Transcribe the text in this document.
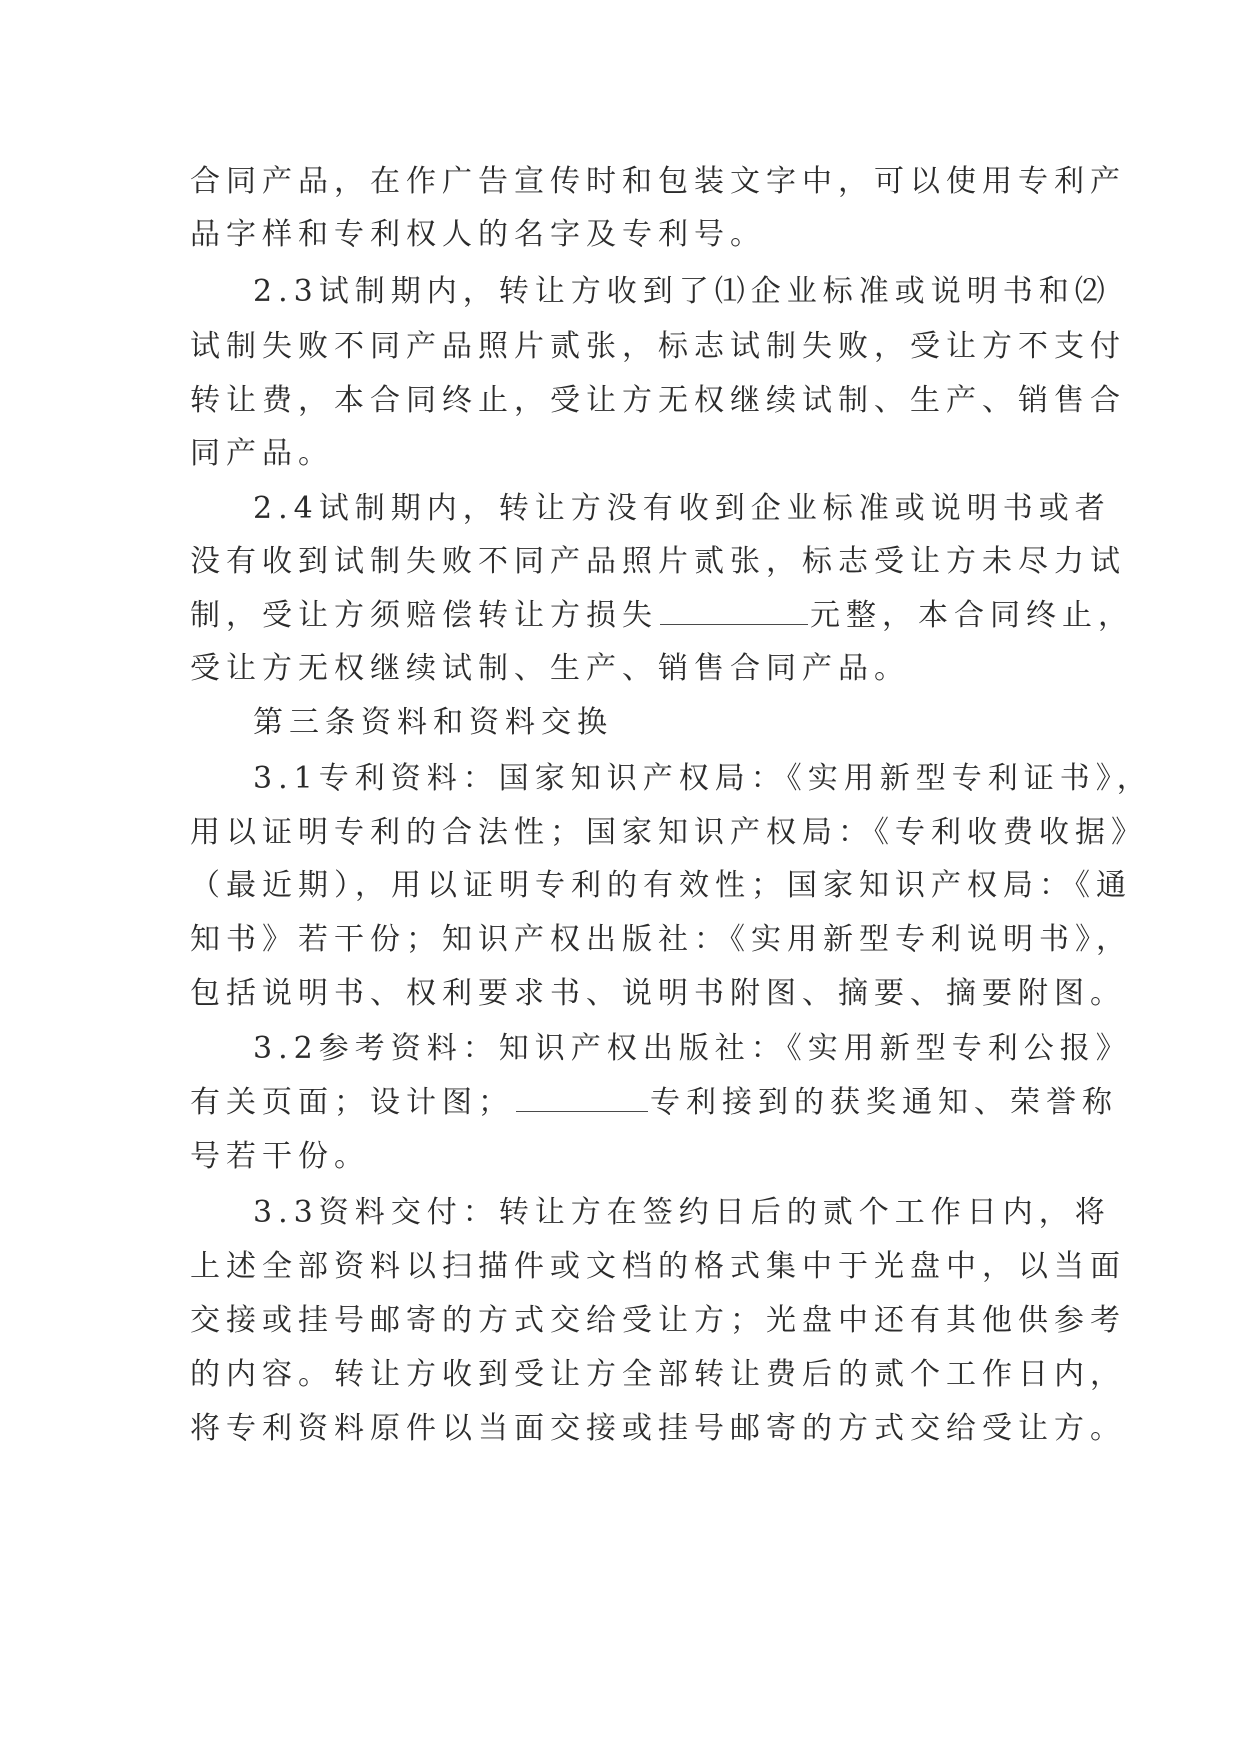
合同产品，在作广告宣传时和包装文字中，可以使用专利产
品字样和专利权人的名字及专利号。
2.3试制期内，转让方收到了⑴企业标准或说明书和⑵
试制失败不同产品照片贰张，标志试制失败，受让方不支付
转让费，本合同终止，受让方无权继续试制、生产、销售合
同产品。
2.4试制期内，转让方没有收到企业标准或说明书或者
没有收到试制失败不同产品照片贰张，标志受让方未尽力试
制，受让方须赔偿转让方损失	元整，本合同终止，
受让方无权继续试制、生产、销售合同产品。
第三条资料和资料交换
3.1专利资料：国家知识产权局：《实用新型专利证书》，
用以证明专利的合法性；国家知识产权局：《专利收费收据》
（最近期），用以证明专利的有效性；国家知识产权局：《通
知书》若干份；知识产权出版社：《实用新型专利说明书》，
包括说明书、权利要求书、说明书附图、摘要、摘要附图。
3.2参考资料：知识产权出版社：《实用新型专利公报》
有关页面；设计图；	专利接到的获奖通知、荣誉称
号若干份。
3.3资料交付：转让方在签约日后的贰个工作日内，将
上述全部资料以扫描件或文档的格式集中于光盘中，以当面
交接或挂号邮寄的方式交给受让方；光盘中还有其他供参考
的内容。转让方收到受让方全部转让费后的贰个工作日内，
将专利资料原件以当面交接或挂号邮寄的方式交给受让方。
